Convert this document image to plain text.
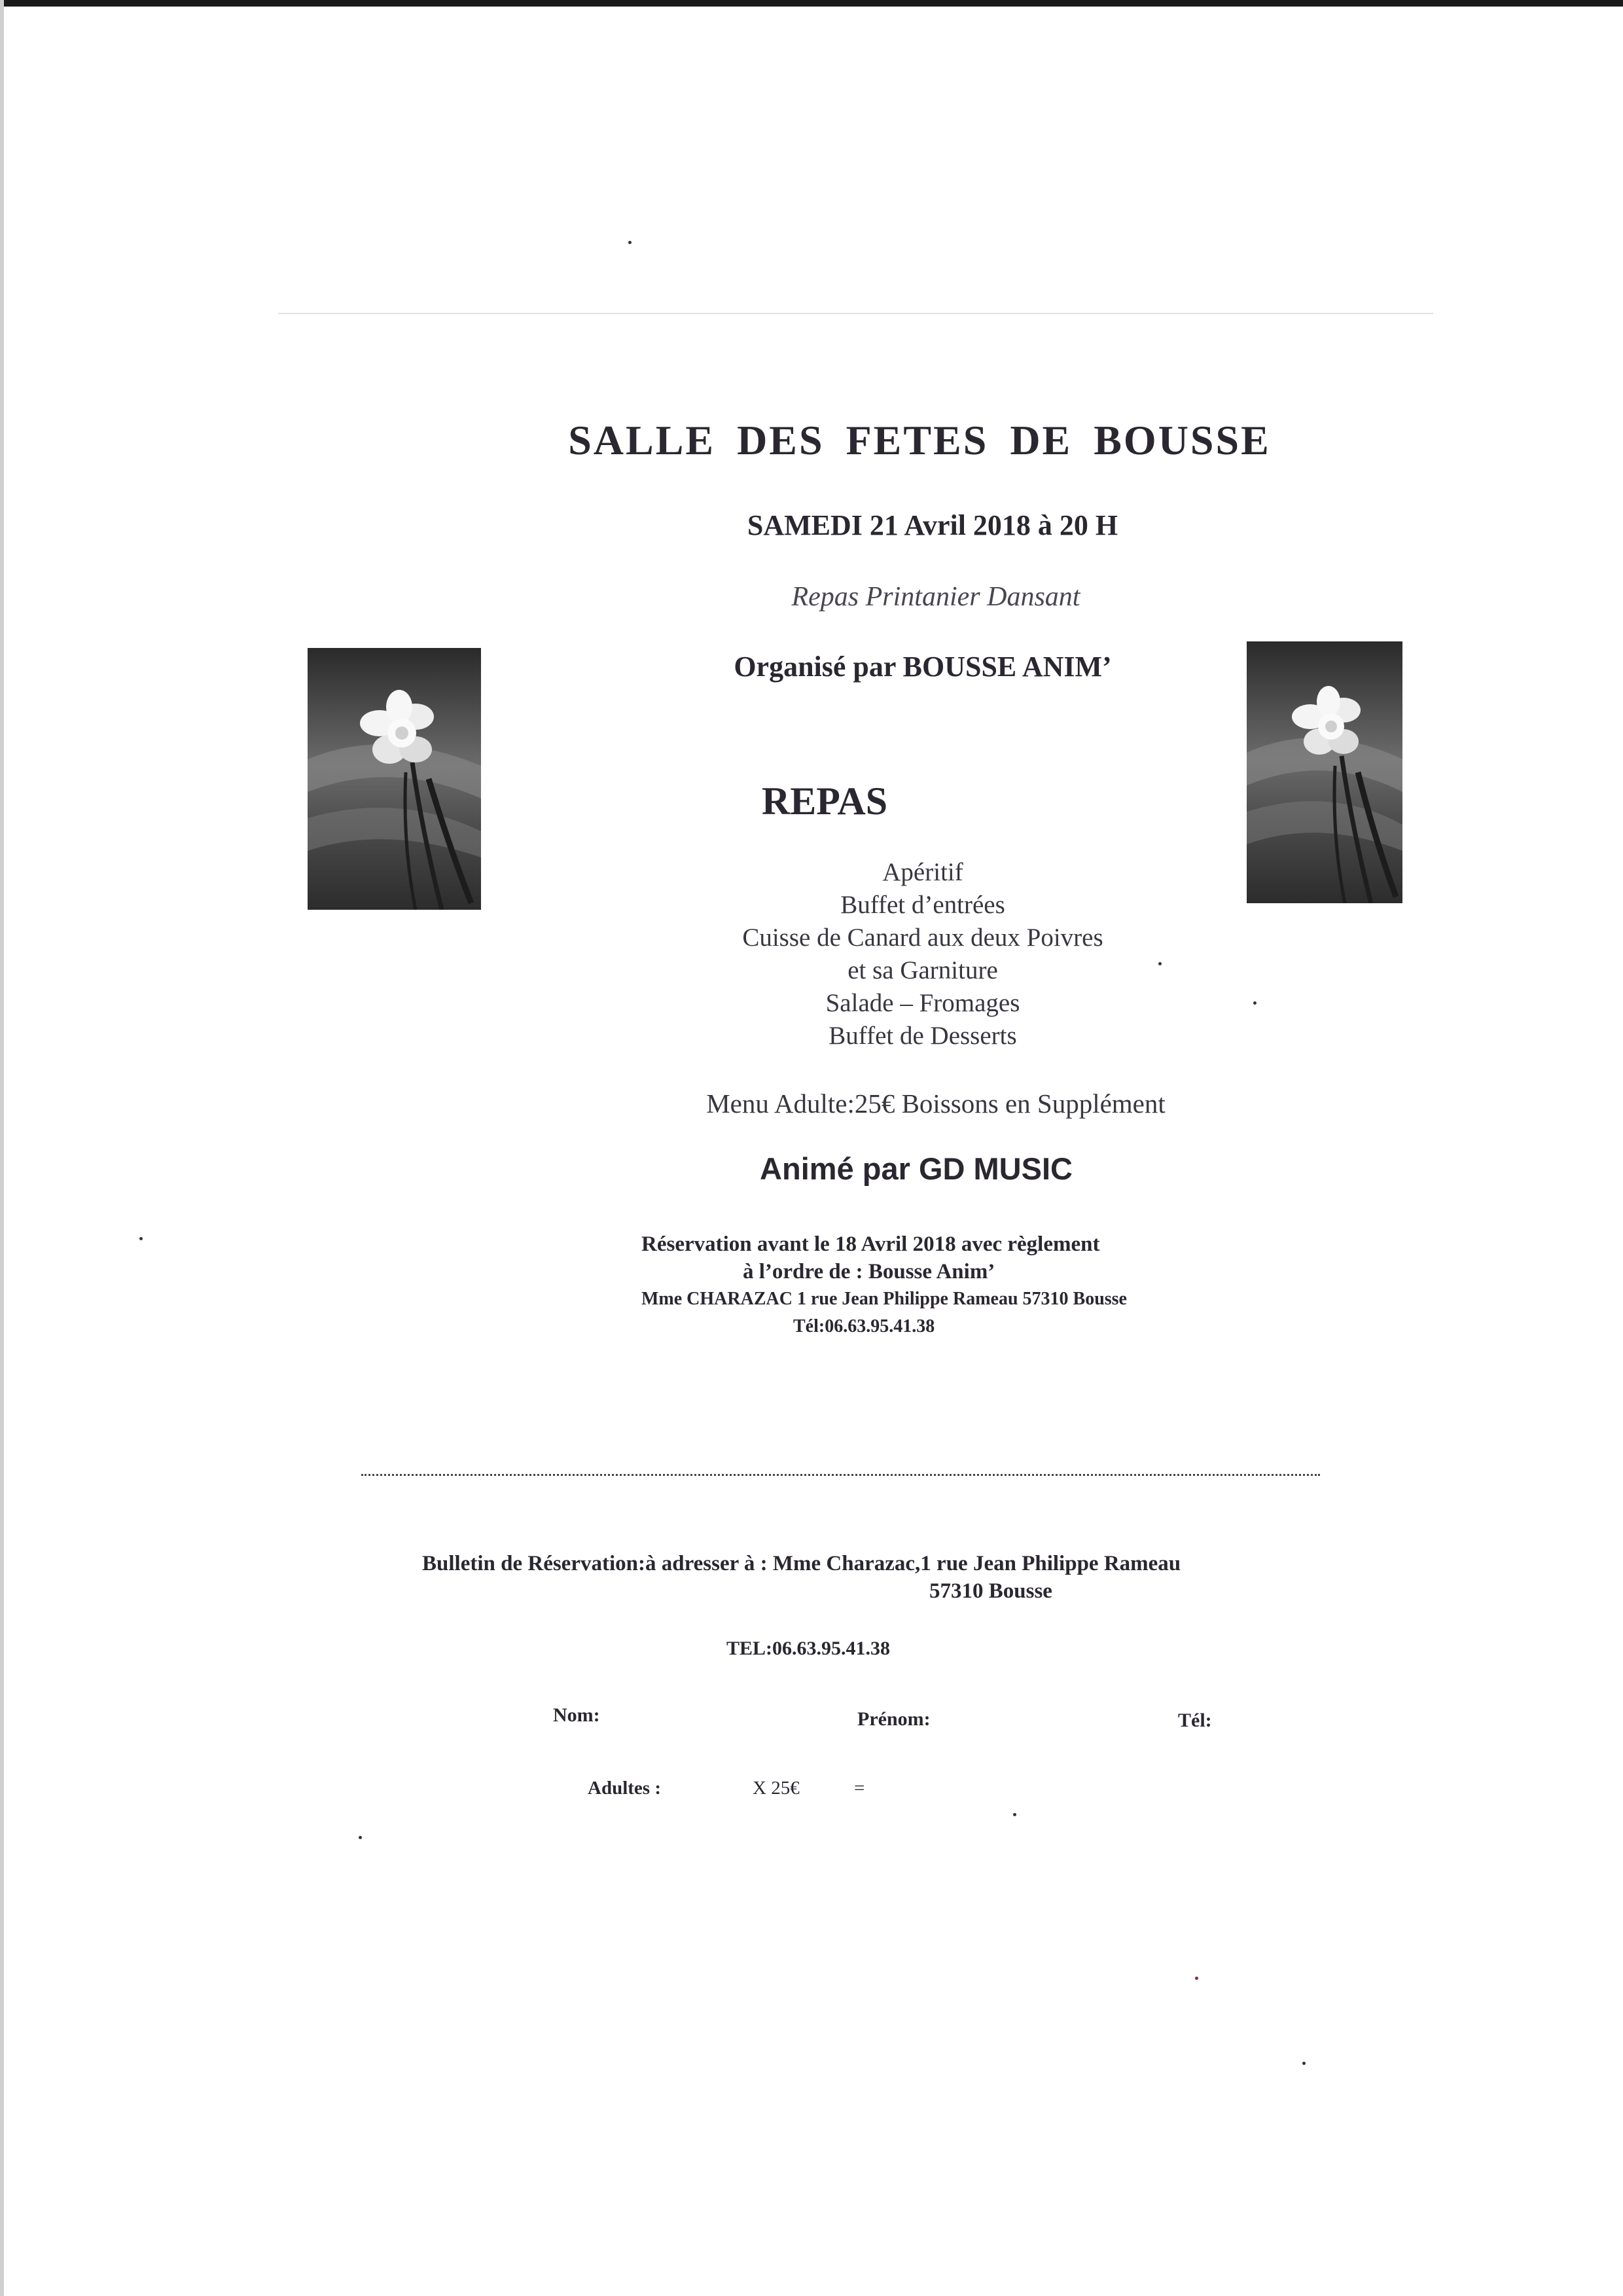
SALLE DES FETES DE BOUSSE
SAMEDI 21 Avril 2018 à 20 H
Repas Printanier Dansant
Organisé par BOUSSE ANIM’
REPAS
Apéritif
Buffet d’entrées
Cuisse de Canard aux deux Poivres
et sa Garniture
Salade – Fromages
Buffet de Desserts
Menu Adulte:25€ Boissons en Supplément
Animé par GD MUSIC
Réservation avant le 18 Avril 2018 avec règlement
à l’ordre de : Bousse Anim’
Mme CHARAZAC 1 rue Jean Philippe Rameau 57310 Bousse
Tél:06.63.95.41.38
Bulletin de Réservation:à adresser à : Mme Charazac,1 rue Jean Philippe Rameau
57310 Bousse
TEL:06.63.95.41.38
Nom:	Prénom:	Tél:
Adultes :	X 25€	=
